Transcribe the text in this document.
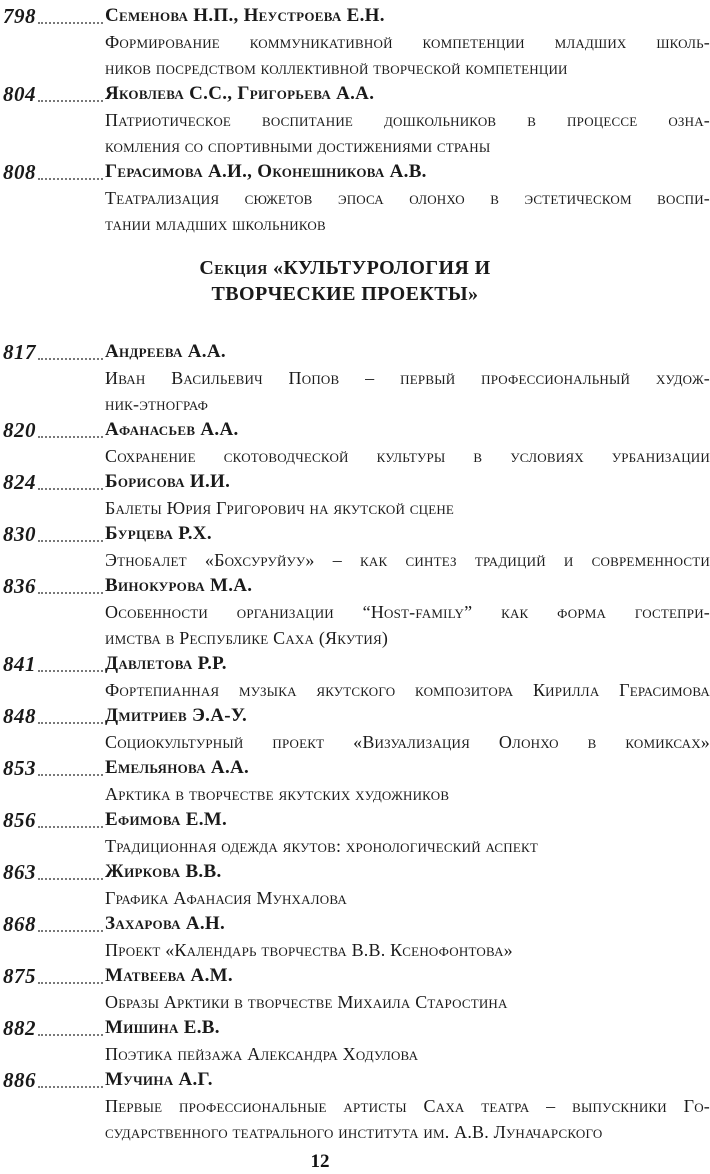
798	Семенова Н.П., Неустроева Е.Н.
Формирование коммуникативной компетенции младших школь-
ников посредством коллективной творческой компетенции
804	Яковлева С.С., Григорьева А.А.
Патриотическое воспитание дошкольников в процессе озна-
комления со спортивными достижениями страны
808	Герасимова А.И., Оконешникова А.В.
Театрализация сюжетов эпоса олонхо в эстетическом воспи-
тании младших школьников
Секция «КУЛЬТУРОЛОГИЯ И
ТВОРЧЕСКИЕ ПРОЕКТЫ»
817	Андреева А.А.
Иван Васильевич Попов – первый профессиональный худож-
ник-этнограф
820	Афанасьев А.А.
Сохранение скотоводческой культуры в условиях урбанизации
824	Борисова И.И.
Балеты Юрия Григорович на якутской сцене
830	Бурцева Р.Х.
Этнобалет «Бохсуруйуу» – как синтез традиций и современности
836	Винокурова М.А.
Особенности организации “Host-family” как форма гостепри-
имства в Республике Саха (Якутия)
841	Давлетова Р.Р.
Фортепианная музыка якутского композитора Кирилла Герасимова
848	Дмитриев Э.А-У.
Социокультурный проект «Визуализация Олонхо в комиксах»
853	Емельянова А.А.
Арктика в творчестве якутских художников
856	Ефимова Е.М.
Традиционная одежда якутов: хронологический аспект
863	Жиркова В.В.
Графика Афанасия Мунхалова
868	Захарова А.Н.
Проект «Календарь творчества В.В. Ксенофонтова»
875	Матвеева А.М.
Образы Арктики в творчестве Михаила Старостина
882	Мишина Е.В.
Поэтика пейзажа Александра Ходулова
886	Мучина А.Г.
Первые профессиональные артисты Саха театра – выпускники Го-
сударственного театрального института им. А.В. Луначарского
12
